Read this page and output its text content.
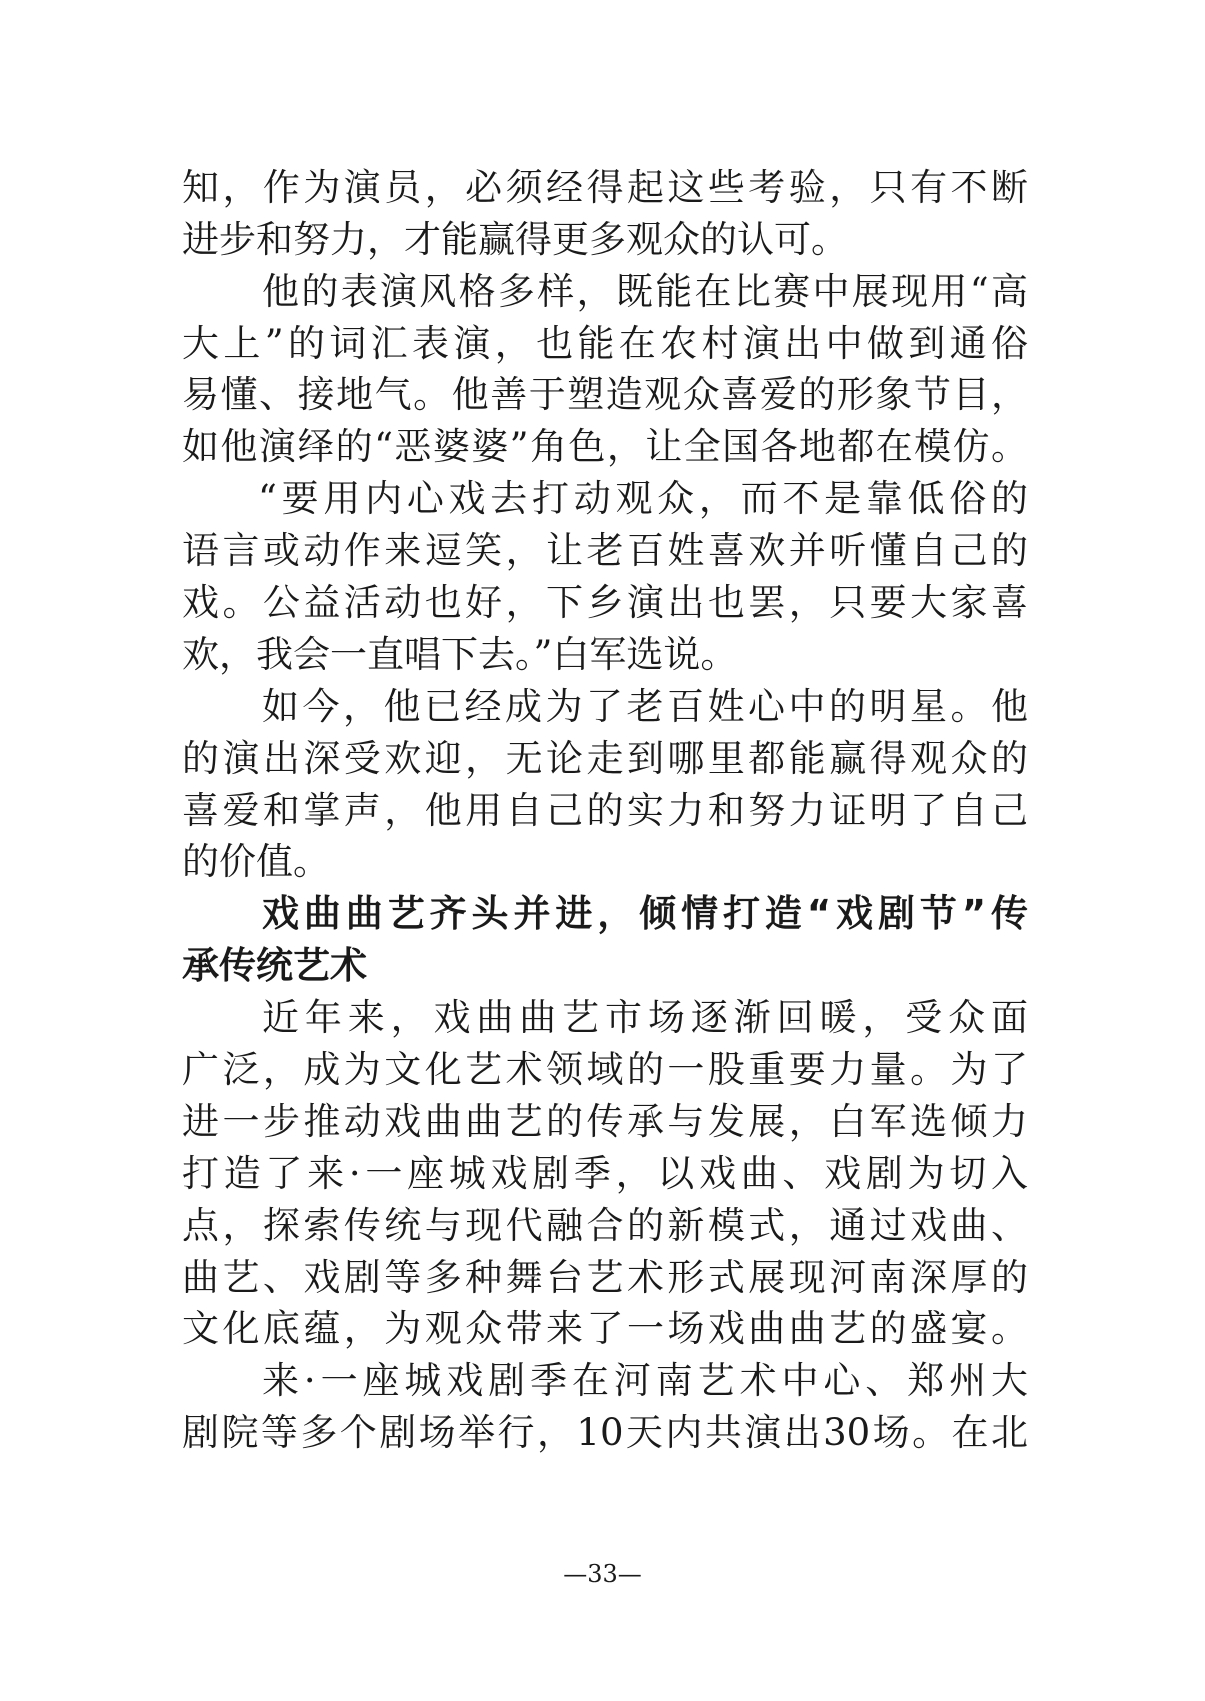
知，作为演员，必须经得起这些考验，只有不断
进步和努力，才能赢得更多观众的认可。
他的表演风格多样，既能在比赛中展现用“高
大上”的词汇表演，也能在农村演出中做到通俗
易懂、接地气。他善于塑造观众喜爱的形象节目，
如他演绎的“恶婆婆”角色，让全国各地都在模仿。
“要用内心戏去打动观众，而不是靠低俗的
语言或动作来逗笑，让老百姓喜欢并听懂自己的
戏。公益活动也好，下乡演出也罢，只要大家喜
欢，我会一直唱下去。”白军选说。
如今，他已经成为了老百姓心中的明星。他
的演出深受欢迎，无论走到哪里都能赢得观众的
喜爱和掌声，他用自己的实力和努力证明了自己
的价值。
戏曲曲艺齐头并进，倾情打造“戏剧节”传
承传统艺术
近年来，戏曲曲艺市场逐渐回暖，受众面
广泛，成为文化艺术领域的一股重要力量。为了
进一步推动戏曲曲艺的传承与发展，白军选倾力
打造了来·一座城戏剧季，以戏曲、戏剧为切入
点，探索传统与现代融合的新模式，通过戏曲、
曲艺、戏剧等多种舞台艺术形式展现河南深厚的
文化底蕴，为观众带来了一场戏曲曲艺的盛宴。
来·一座城戏剧季在河南艺术中心、郑州大
剧院等多个剧场举行，10天内共演出30场。在北
—33—
